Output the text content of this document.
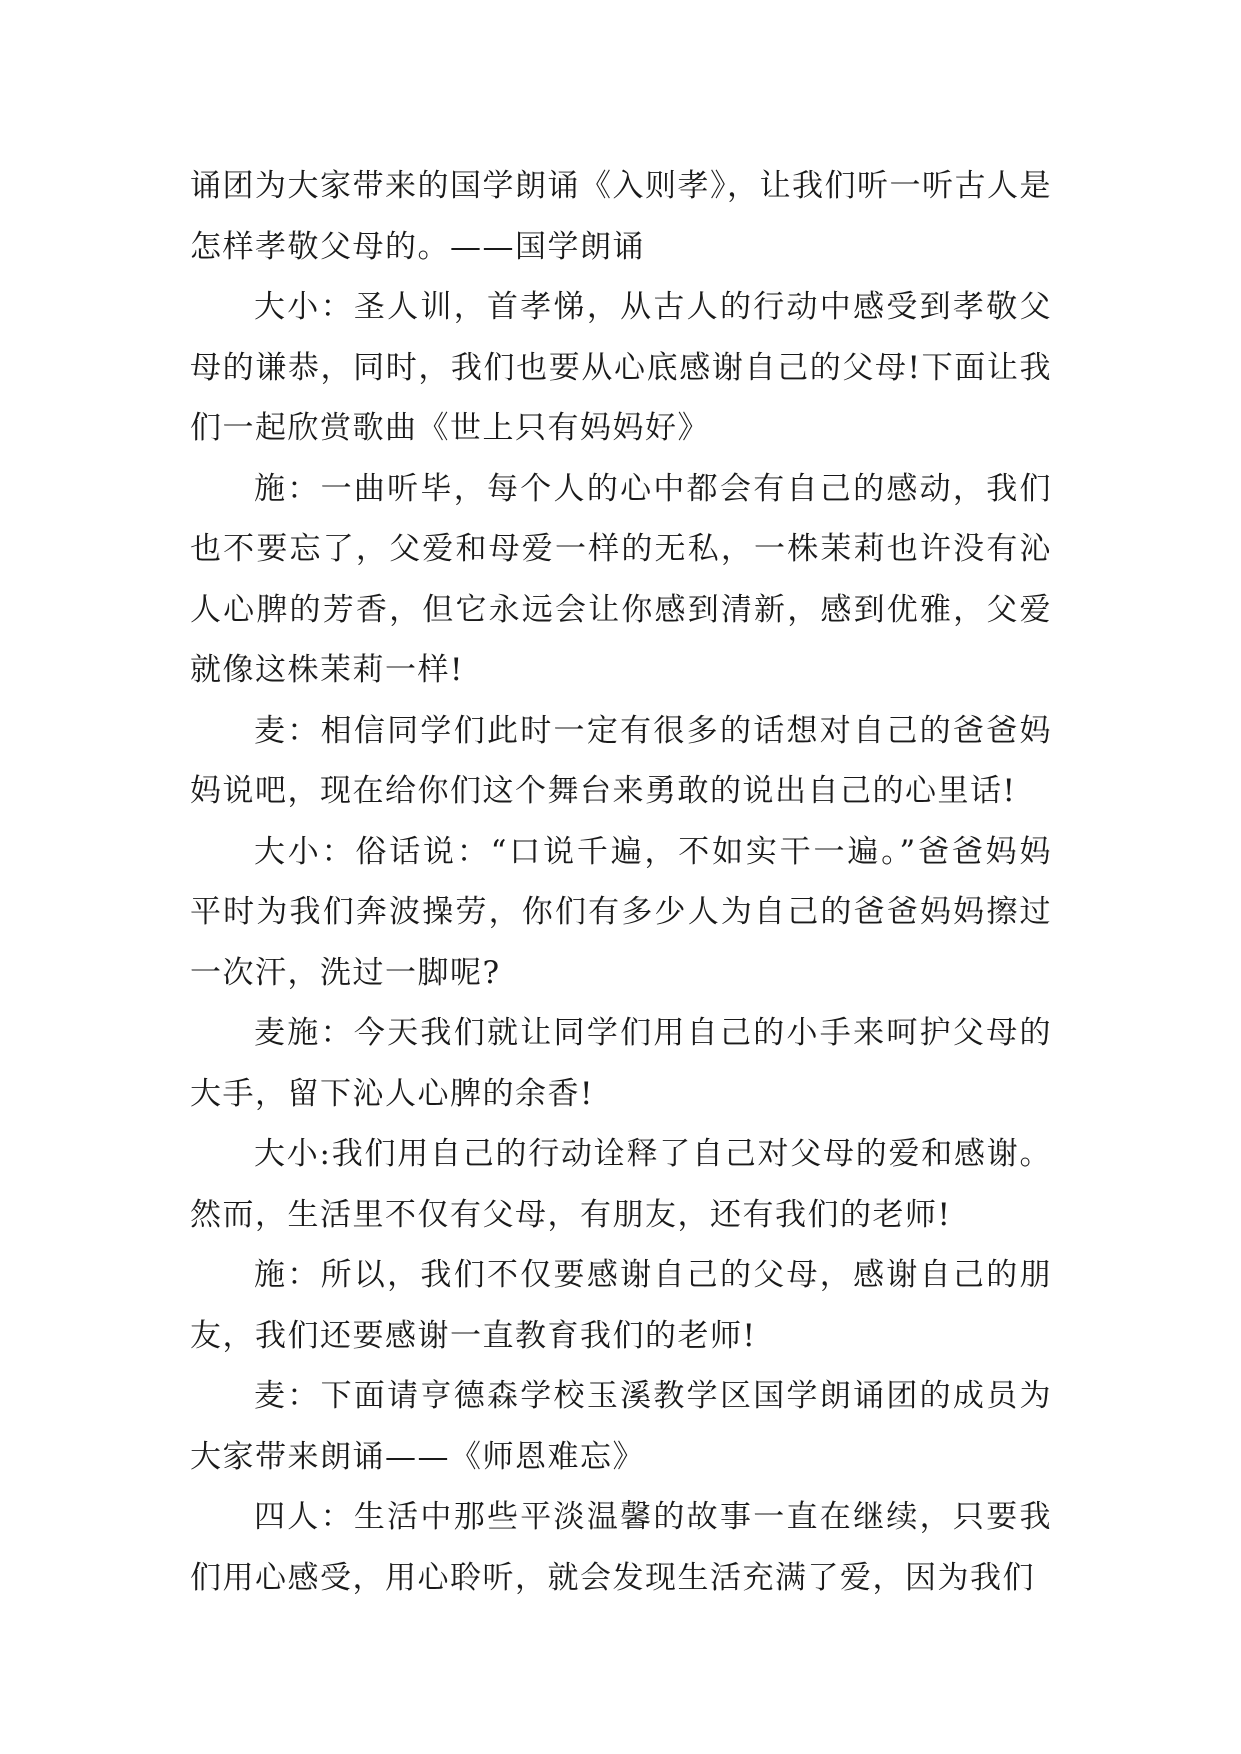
诵团为大家带来的国学朗诵《入则孝》，让我们听一听古人是怎样孝敬父母的。——国学朗诵

大小：圣人训，首孝悌，从古人的行动中感受到孝敬父母的谦恭，同时，我们也要从心底感谢自己的父母!下面让我们一起欣赏歌曲《世上只有妈妈好》

施：一曲听毕，每个人的心中都会有自己的感动，我们也不要忘了，父爱和母爱一样的无私，一株茉莉也许没有沁人心脾的芳香，但它永远会让你感到清新，感到优雅，父爱就像这株茉莉一样!

麦：相信同学们此时一定有很多的话想对自己的爸爸妈妈说吧，现在给你们这个舞台来勇敢的说出自己的心里话!

大小：俗话说：“口说千遍，不如实干一遍。”爸爸妈妈平时为我们奔波操劳，你们有多少人为自己的爸爸妈妈擦过一次汗，洗过一脚呢?

麦施：今天我们就让同学们用自己的小手来呵护父母的大手，留下沁人心脾的余香!

大小:我们用自己的行动诠释了自己对父母的爱和感谢。然而，生活里不仅有父母，有朋友，还有我们的老师!

施：所以，我们不仅要感谢自己的父母，感谢自己的朋友，我们还要感谢一直教育我们的老师!

麦：下面请亨德森学校玉溪教学区国学朗诵团的成员为大家带来朗诵——《师恩难忘》

四人：生活中那些平淡温馨的故事一直在继续，只要我们用心感受，用心聆听，就会发现生活充满了爱，因为我们
